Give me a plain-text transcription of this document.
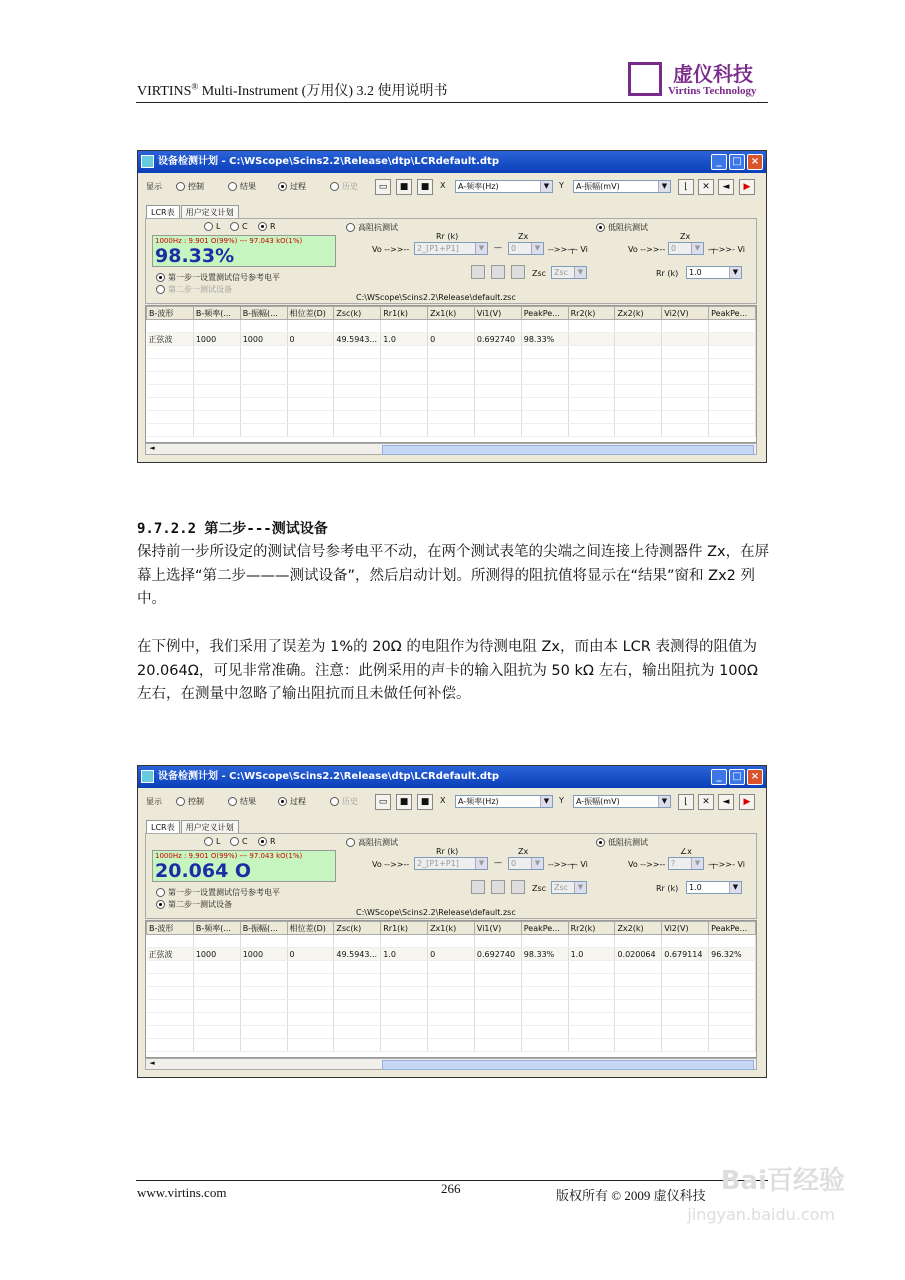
VIRTINS® Multi-Instrument (万用仪) 3.2 使用说明书
虚仪科技
Virtins Technology
设备检测计划 - C:\WScope\Scins2.2\Release\dtp\LCRdefault.dtp	_	□ ×
显示	控制	结果	过程	历史	▭	■	■	X	A-频率(Hz)	▼	Y	A-振幅(mV)	▼	⌊	✕	◄	▶
LCR表	用户定义计划
L	C	R
1000Hz : 9.901 O(99%) --- 97.043 kO(1%)
98.33%
第一步一设置测试信号参考电平
第二步一测试设备
高阻抗测试	低阻抗测试
Rr (k)	Zx
Vo -->>-- 2_[P1+P1]	▼	—	0	▼ -->>-┬- Vi
Zsc Zsc	▼
C:\WScope\Scins2.2\Release\default.zsc
Zx
Vo -->>-- 0	▼ -┬->>- Vi
Rr (k)	1.0	▼
B-波形	B-频率(...	B-振幅(...	相位差(D)	Zsc(k)	Rr1(k)	Zx1(k)	Vi1(V)	PeakPe...	Rr2(k)	Zx2(k)	Vi2(V)	PeakPe...

正弦波	1000	1000	0	49.5943...	1.0	0	0.692740	98.33%				

◄
设备检测计划 - C:\WScope\Scins2.2\Release\dtp\LCRdefault.dtp	_	□ ×
显示	控制	结果	过程	历史	▭	■	■	X	A-频率(Hz)	▼	Y	A-振幅(mV)	▼	⌊	✕	◄	▶
LCR表	用户定义计划
L	C	R
1000Hz : 9.901 O(99%) --- 97.043 kO(1%)
20.064 O
第一步一设置测试信号参考电平
第二步一测试设备
高阻抗测试	低阻抗测试
Rr (k)	Zx
Vo -->>-- 2_[P1+P1]	▼	—	0	▼ -->>-┬- Vi
Zsc Zsc	▼
C:\WScope\Scins2.2\Release\default.zsc
∠x
Vo -->>-- ?	▼ -┬->>- Vi
Rr (k)	1.0	▼
B-波形	B-频率(...	B-振幅(...	相位差(D)	Zsc(k)	Rr1(k)	Zx1(k)	Vi1(V)	PeakPe...	Rr2(k)	Zx2(k)	Vi2(V)	PeakPe...

正弦波	1000	1000	0	49.5943...	1.0	0	0.692740	98.33%	1.0	0.020064	0.679114	96.32%

◄
9.7.2.2 第二步---测试设备
保持前一步所设定的测试信号参考电平不动，在两个测试表笔的尖端之间连接上待测器件 Zx，在屏幕上选择“第二步———测试设备”，然后启动计划。所测得的阻抗值将显示在“结果”窗和 Zx2 列中。
在下例中，我们采用了误差为 1%的 20Ω 的电阻作为待测电阻 Zx，而由本 LCR 表测得的阻值为 20.064Ω，可见非常准确。注意：此例采用的声卡的输入阻抗为 50 kΩ 左右，输出阻抗为 100Ω 左右，在测量中忽略了输出阻抗而且未做任何补偿。
www.virtins.com	266	版权所有 © 2009 虚仪科技 Bai百经验
jingyan.baidu.com
